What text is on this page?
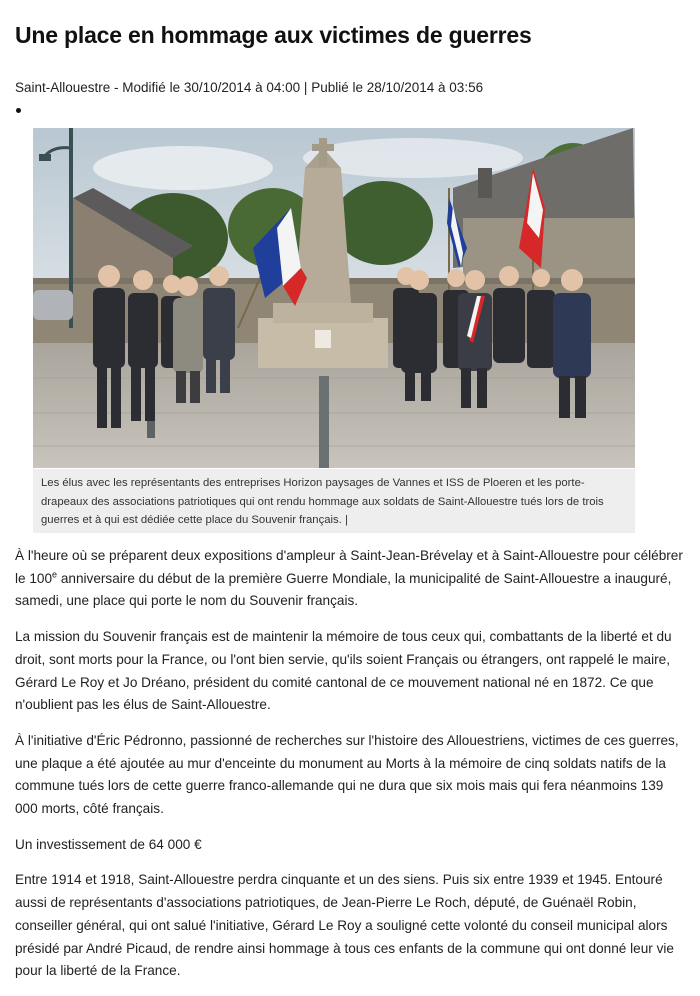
Une place en hommage aux victimes de guerres
Saint-Allouestre - Modifié le 30/10/2014 à 04:00 | Publié le 28/10/2014 à 03:56
Les élus avec les représentants des entreprises Horizon paysages de Vannes et ISS de Ploeren et les porte-drapeaux des associations patriotiques qui ont rendu hommage aux soldats de Saint-Allouestre tués lors de trois guerres et à qui est dédiée cette place du Souvenir français. |

À l'heure où se préparent deux expositions d'ampleur à Saint-Jean-Brévelay et à Saint-Allouestre pour célébrer le 100e anniversaire du début de la première Guerre Mondiale, la municipalité de Saint-Allouestre a inauguré, samedi, une place qui porte le nom du Souvenir français.

La mission du Souvenir français est de maintenir la mémoire de tous ceux qui, combattants de la liberté et du droit, sont morts pour la France, ou l'ont bien servie, qu'ils soient Français ou étrangers, ont rappelé le maire, Gérard Le Roy et Jo Dréano, président du comité cantonal de ce mouvement national né en 1872. Ce que n'oublient pas les élus de Saint-Allouestre.

À l'initiative d'Éric Pédronno, passionné de recherches sur l'histoire des Allouestriens, victimes de ces guerres, une plaque a été ajoutée au mur d'enceinte du monument au Morts à la mémoire de cinq soldats natifs de la commune tués lors de cette guerre franco-allemande qui ne dura que six mois mais qui fera néanmoins 139 000 morts, côté français.

Un investissement de 64 000 €

Entre 1914 et 1918, Saint-Allouestre perdra cinquante et un des siens. Puis six entre 1939 et 1945. Entouré aussi de représentants d'associations patriotiques, de Jean-Pierre Le Roch, député, de Guénaël Robin, conseiller général, qui ont salué l'initiative, Gérard Le Roy a souligné cette volonté du conseil municipal alors présidé par André Picaud, de rendre ainsi hommage à tous ces enfants de la commune qui ont donné leur vie pour la liberté de la France.
